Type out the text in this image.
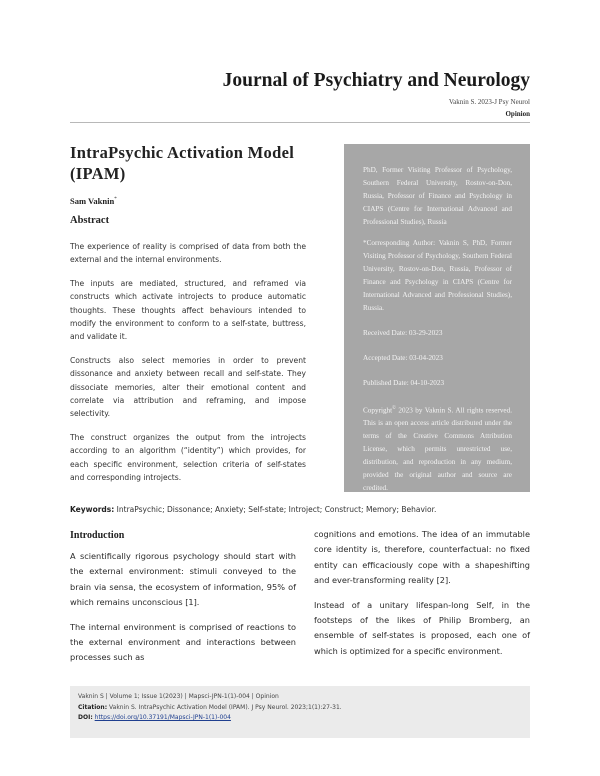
Journal of Psychiatry and Neurology
Vaknin S. 2023-J Psy Neurol
Opinion
IntraPsychic Activation Model (IPAM)
Sam Vaknin*
Abstract

The experience of reality is comprised of data from both the external and the internal environments.

The inputs are mediated, structured, and reframed via constructs which activate introjects to produce automatic thoughts. These thoughts affect behaviours intended to modify the environment to conform to a self-state, buttress, and validate it.

Constructs also select memories in order to prevent dissonance and anxiety between recall and self-state. They dissociate memories, alter their emotional content and correlate via attribution and reframing, and impose selectivity.

The construct organizes the output from the introjects according to an algorithm (“identity”) which provides, for each specific environment, selection criteria of self-states and corresponding introjects.

PhD, Former Visiting Professor of Psychology, Southern Federal University, Rostov-on-Don, Russia, Professor of Finance and Psychology in CIAPS (Centre for International Advanced and Professional Studies), Russia

*Corresponding Author: Vaknin S, PhD, Former Visiting Professor of Psychology, Southern Federal University, Rostov-on-Don, Russia, Professor of Finance and Psychology in CIAPS (Centre for International Advanced and Professional Studies), Russia.

Received Date: 03-29-2023

Accepted Date: 03-04-2023

Published Date: 04-10-2023

Copyright© 2023 by Vaknin S. All rights reserved. This is an open access article distributed under the terms of the Creative Commons Attribution License, which permits unrestricted use, distribution, and reproduction in any medium, provided the original author and source are credited.

Keywords: IntraPsychic; Dissonance; Anxiety; Self-state; Introject; Construct; Memory; Behavior.
Introduction

A scientifically rigorous psychology should start with the external environment: stimuli conveyed to the brain via sensa, the ecosystem of information, 95% of which remains unconscious [1].

The internal environment is comprised of reactions to the external environment and interactions between processes such as

cognitions and emotions. The idea of an immutable core identity is, therefore, counterfactual: no fixed entity can efficaciously cope with a shapeshifting and ever-transforming reality [2].

Instead of a unitary lifespan-long Self, in the footsteps of the likes of Philip Bromberg, an ensemble of self-states is proposed, each one of which is optimized for a specific environment.

Vaknin S | Volume 1; Issue 1(2023) | Mapsci-JPN-1(1)-004 | Opinion
Citation: Vaknin S. IntraPsychic Activation Model (IPAM). J Psy Neurol. 2023;1(1):27-31.
DOI: https://doi.org/10.37191/Mapsci-JPN-1(1)-004
